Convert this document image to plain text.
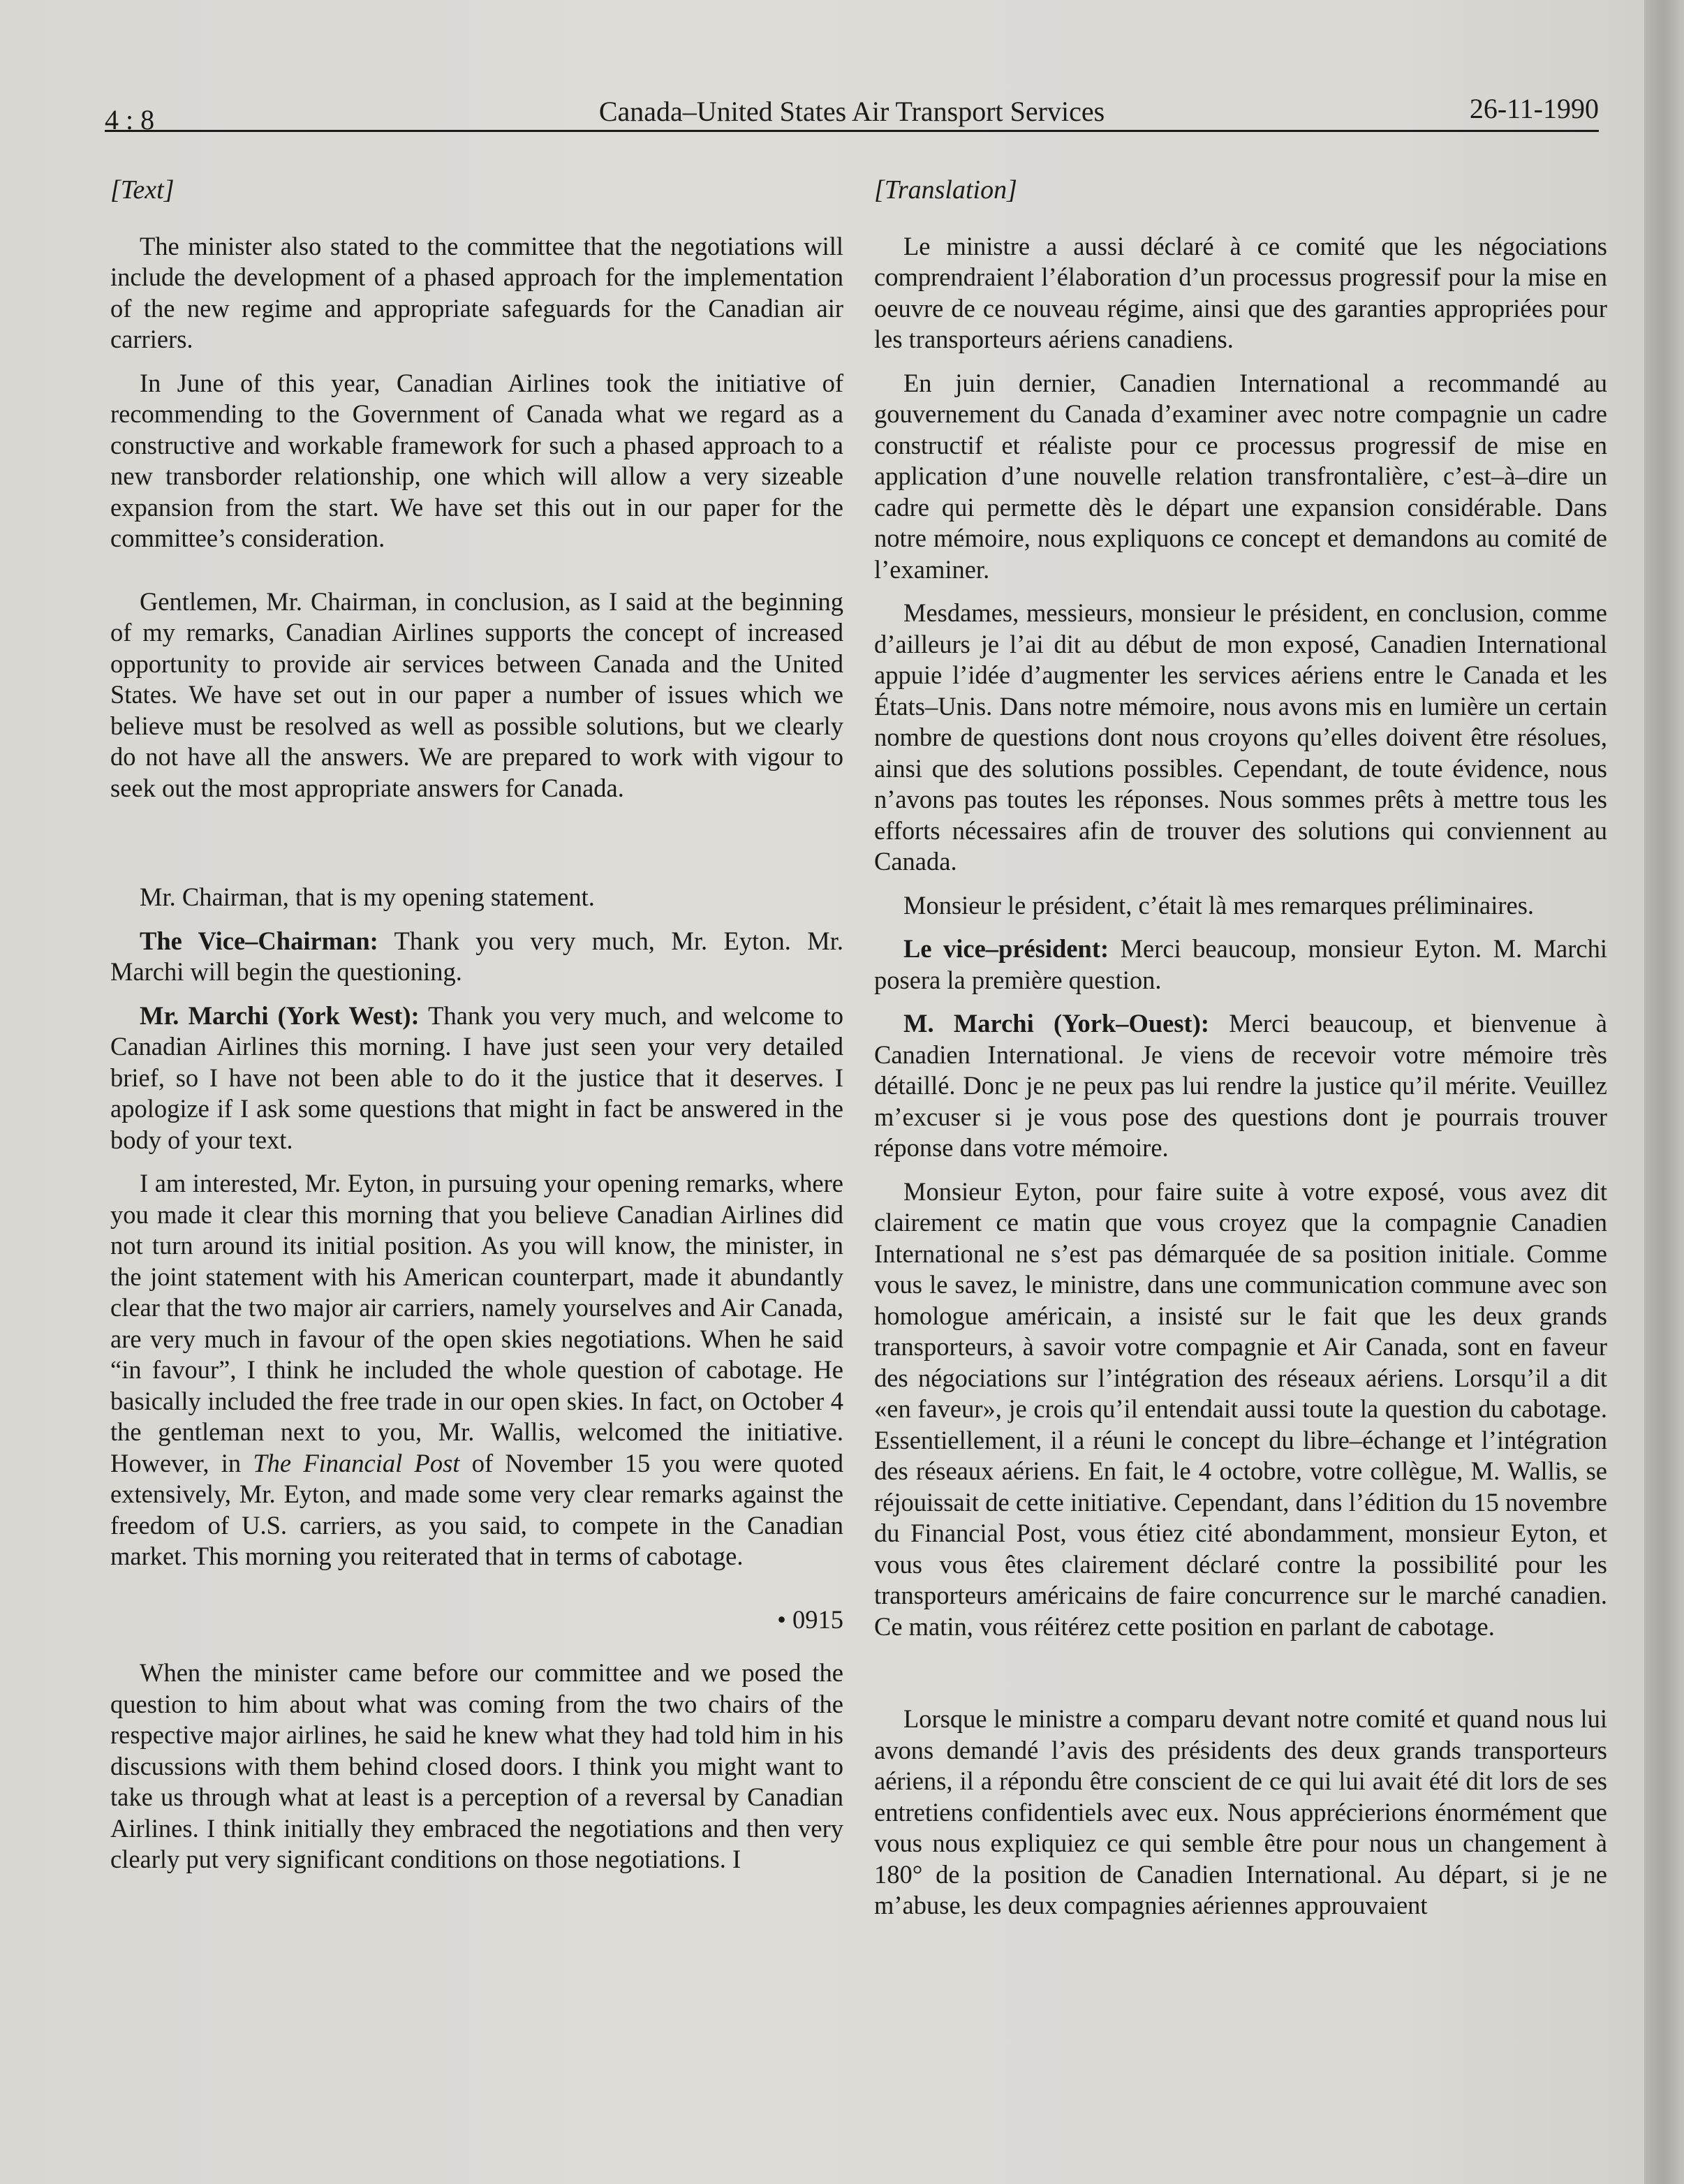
4 : 8	Canada–United States Air Transport Services	26-11-1990
[Text]

The minister also stated to the committee that the negotiations will include the development of a phased approach for the implementation of the new regime and appropriate safeguards for the Canadian air carriers.

In June of this year, Canadian Airlines took the initiative of recommending to the Government of Canada what we regard as a constructive and workable framework for such a phased approach to a new transborder relationship, one which will allow a very sizeable expansion from the start. We have set this out in our paper for the committee’s consideration.

Gentlemen, Mr. Chairman, in conclusion, as I said at the beginning of my remarks, Canadian Airlines supports the concept of increased opportunity to provide air services between Canada and the United States. We have set out in our paper a number of issues which we believe must be resolved as well as possible solutions, but we clearly do not have all the answers. We are prepared to work with vigour to seek out the most appropriate answers for Canada.

Mr. Chairman, that is my opening statement.

The Vice–Chairman: Thank you very much, Mr. Eyton. Mr. Marchi will begin the questioning.

Mr. Marchi (York West): Thank you very much, and welcome to Canadian Airlines this morning. I have just seen your very detailed brief, so I have not been able to do it the justice that it deserves. I apologize if I ask some questions that might in fact be answered in the body of your text.

I am interested, Mr. Eyton, in pursuing your opening remarks, where you made it clear this morning that you believe Canadian Airlines did not turn around its initial position. As you will know, the minister, in the joint statement with his American counterpart, made it abundantly clear that the two major air carriers, namely yourselves and Air Canada, are very much in favour of the open skies negotiations. When he said “in favour”, I think he included the whole question of cabotage. He basically included the free trade in our open skies. In fact, on October 4 the gentleman next to you, Mr. Wallis, welcomed the initiative. However, in The Financial Post of November 15 you were quoted extensively, Mr. Eyton, and made some very clear remarks against the freedom of U.S. carriers, as you said, to compete in the Canadian market. This morning you reiterated that in terms of cabotage.

• 0915

When the minister came before our committee and we posed the question to him about what was coming from the two chairs of the respective major airlines, he said he knew what they had told him in his discussions with them behind closed doors. I think you might want to take us through what at least is a perception of a reversal by Canadian Airlines. I think initially they embraced the negotiations and then very clearly put very significant conditions on those negotiations. I

[Translation]

Le ministre a aussi déclaré à ce comité que les négociations comprendraient l’élaboration d’un processus progressif pour la mise en oeuvre de ce nouveau régime, ainsi que des garanties appropriées pour les transporteurs aériens canadiens.

En juin dernier, Canadien International a recommandé au gouvernement du Canada d’examiner avec notre compagnie un cadre constructif et réaliste pour ce processus progressif de mise en application d’une nouvelle relation transfrontalière, c’est–à–dire un cadre qui permette dès le départ une expansion considérable. Dans notre mémoire, nous expliquons ce concept et demandons au comité de l’examiner.

Mesdames, messieurs, monsieur le président, en conclusion, comme d’ailleurs je l’ai dit au début de mon exposé, Canadien International appuie l’idée d’augmenter les services aériens entre le Canada et les États–Unis. Dans notre mémoire, nous avons mis en lumière un certain nombre de questions dont nous croyons qu’elles doivent être résolues, ainsi que des solutions possibles. Cependant, de toute évidence, nous n’avons pas toutes les réponses. Nous sommes prêts à mettre tous les efforts nécessaires afin de trouver des solutions qui conviennent au Canada.

Monsieur le président, c’était là mes remarques préliminaires.

Le vice–président: Merci beaucoup, monsieur Eyton. M. Marchi posera la première question.

M. Marchi (York–Ouest): Merci beaucoup, et bienvenue à Canadien International. Je viens de recevoir votre mémoire très détaillé. Donc je ne peux pas lui rendre la justice qu’il mérite. Veuillez m’excuser si je vous pose des questions dont je pourrais trouver réponse dans votre mémoire.

Monsieur Eyton, pour faire suite à votre exposé, vous avez dit clairement ce matin que vous croyez que la compagnie Canadien International ne s’est pas démarquée de sa position initiale. Comme vous le savez, le ministre, dans une communication commune avec son homologue américain, a insisté sur le fait que les deux grands transporteurs, à savoir votre compagnie et Air Canada, sont en faveur des négociations sur l’intégration des réseaux aériens. Lorsqu’il a dit «en faveur», je crois qu’il entendait aussi toute la question du cabotage. Essentiellement, il a réuni le concept du libre–échange et l’intégration des réseaux aériens. En fait, le 4 octobre, votre collègue, M. Wallis, se réjouissait de cette initiative. Cependant, dans l’édition du 15 novembre du Financial Post, vous étiez cité abondamment, monsieur Eyton, et vous vous êtes clairement déclaré contre la possibilité pour les transporteurs américains de faire concurrence sur le marché canadien. Ce matin, vous réitérez cette position en parlant de cabotage.

Lorsque le ministre a comparu devant notre comité et quand nous lui avons demandé l’avis des présidents des deux grands transporteurs aériens, il a répondu être conscient de ce qui lui avait été dit lors de ses entretiens confidentiels avec eux. Nous apprécierions énormément que vous nous expliquiez ce qui semble être pour nous un changement à 180° de la position de Canadien International. Au départ, si je ne m’abuse, les deux compagnies aériennes approuvaient
